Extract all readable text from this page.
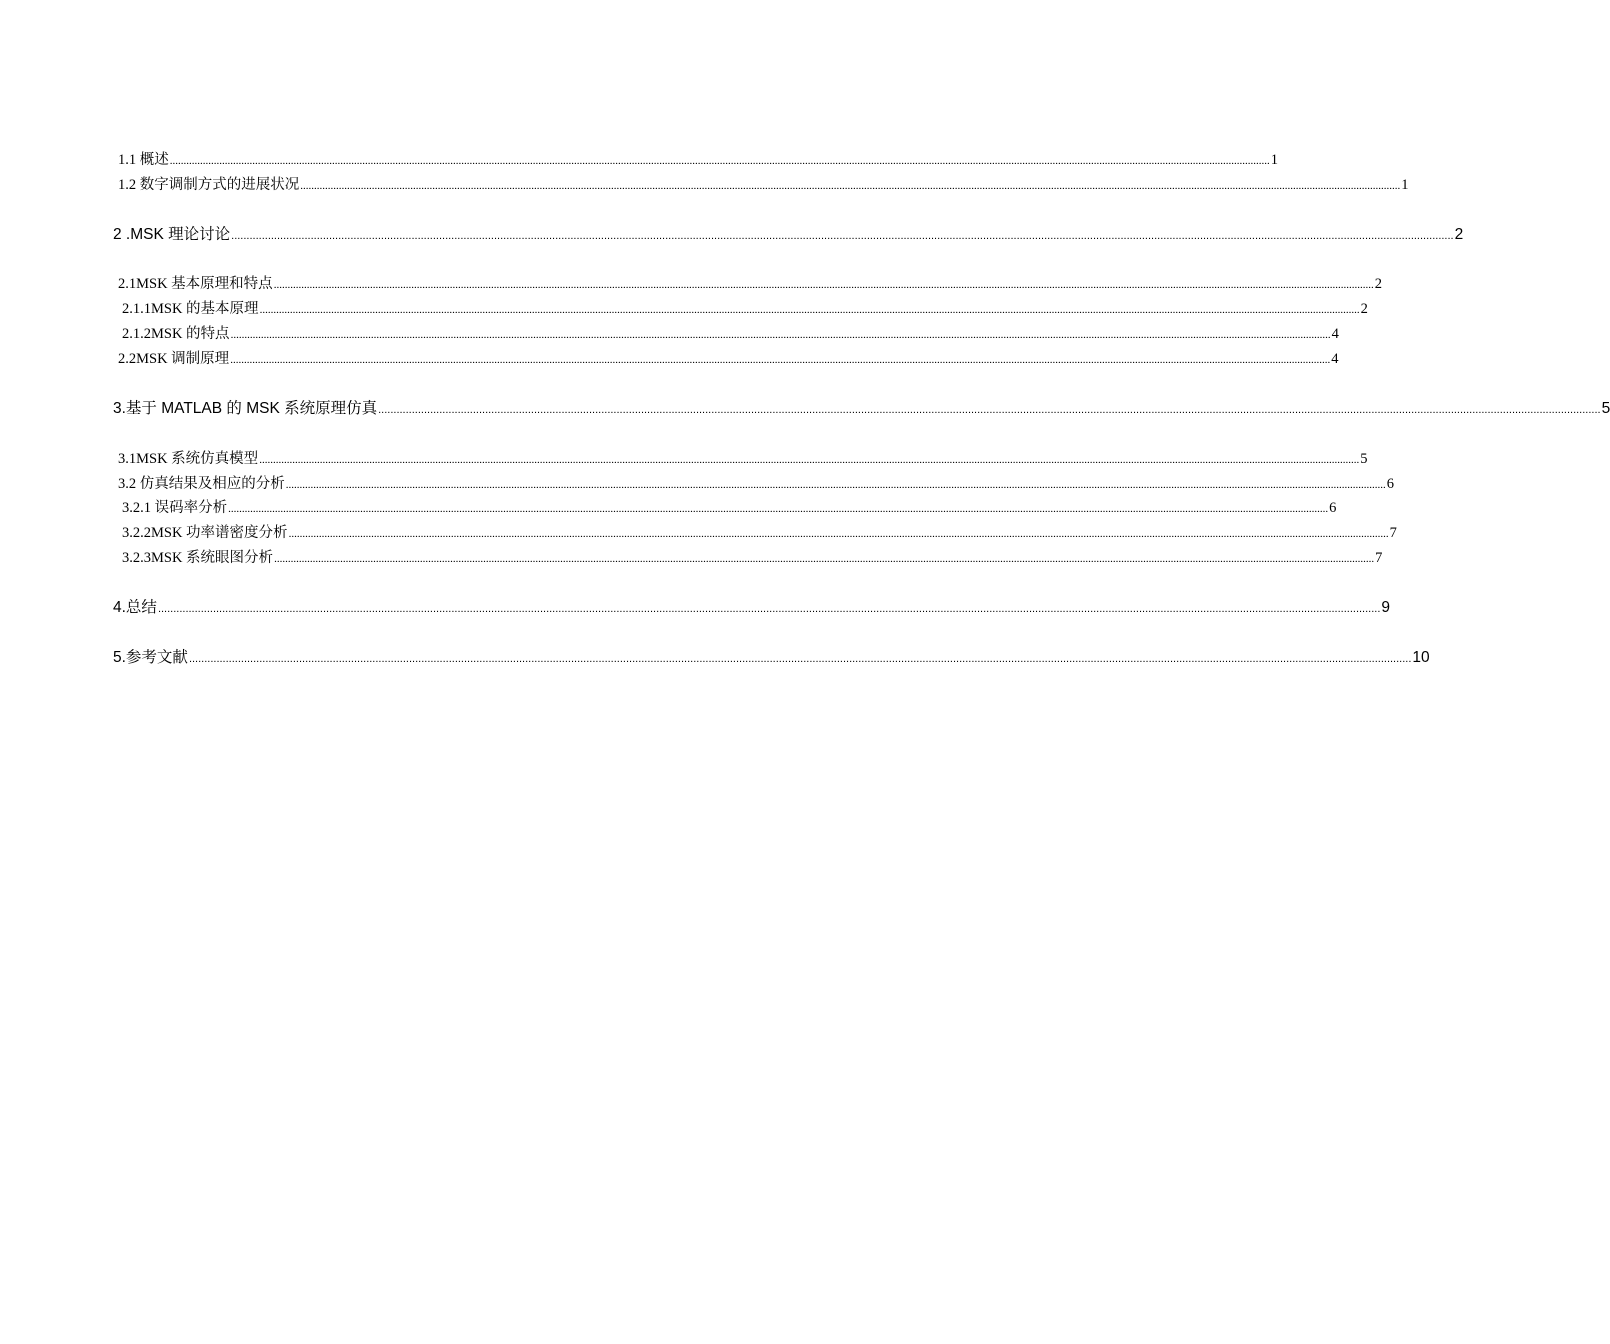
1.1 概述 ................................................................................................................................................................................................................................................................................................................................................................................................................ 1
1.2 数字调制方式的进展状况 ................................................................................................................................................................................................................................................................................................................................................................................................................ 1
2 .MSK 理论讨论 ................................................................................................................................................................................................................................................................................................................................................................................................................ 2
2.1MSK 基本原理和特点 ................................................................................................................................................................................................................................................................................................................................................................................................................ 2
2.1.1MSK 的基本原理 ................................................................................................................................................................................................................................................................................................................................................................................................................ 2
2.1.2MSK 的特点 ................................................................................................................................................................................................................................................................................................................................................................................................................ 4
2.2MSK 调制原理 ................................................................................................................................................................................................................................................................................................................................................................................................................ 4
3.基于 MATLAB 的 MSK 系统原理仿真 ................................................................................................................................................................................................................................................................................................................................................................................................................ 5
3.1MSK 系统仿真模型 ................................................................................................................................................................................................................................................................................................................................................................................................................ 5
3.2 仿真结果及相应的分析 ................................................................................................................................................................................................................................................................................................................................................................................................................ 6
3.2.1 误码率分析 ................................................................................................................................................................................................................................................................................................................................................................................................................ 6
3.2.2MSK 功率谱密度分析 ................................................................................................................................................................................................................................................................................................................................................................................................................ 7
3.2.3MSK 系统眼图分析 ................................................................................................................................................................................................................................................................................................................................................................................................................ 7
4.总结 ................................................................................................................................................................................................................................................................................................................................................................................................................ 9
5.参考文献 ................................................................................................................................................................................................................................................................................................................................................................................................................ 10
